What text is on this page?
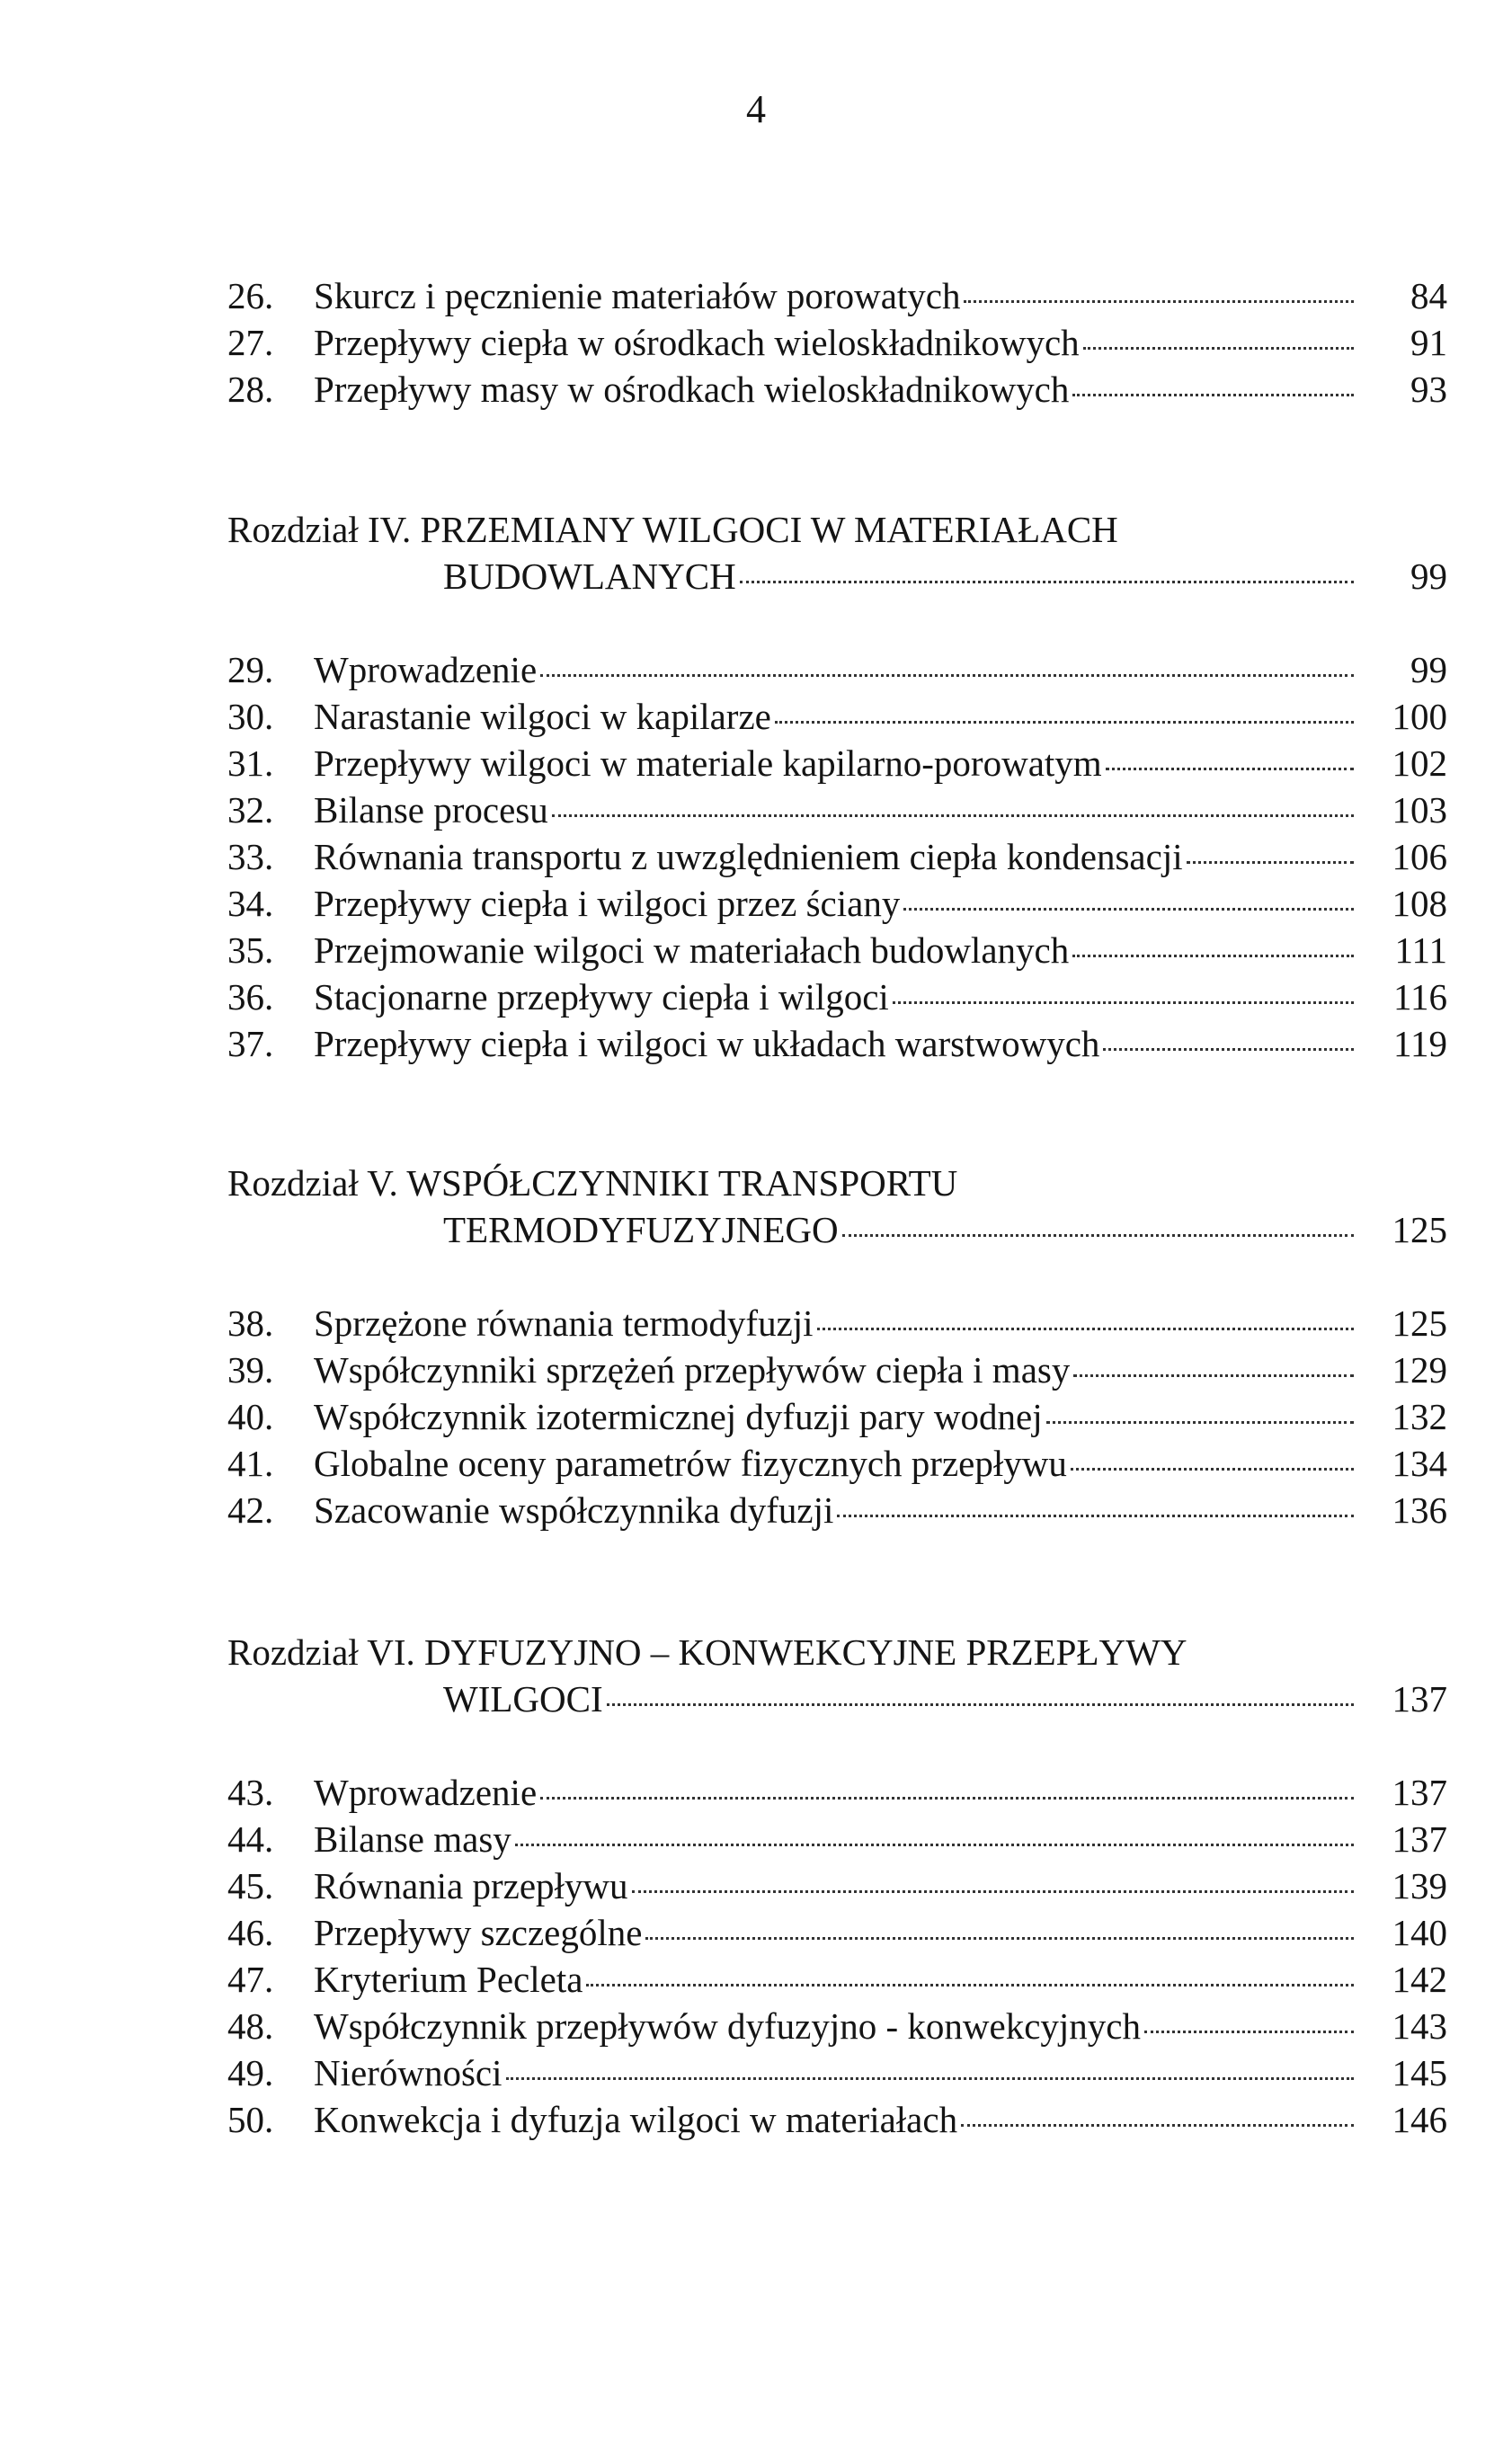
4
26.	Skurcz i pęcznienie materiałów porowatych	84
27.	Przepływy ciepła w ośrodkach wieloskładnikowych	91
28.	Przepływy masy w ośrodkach wieloskładnikowych	93
Rozdział IV. PRZEMIANY WILGOCI W MATERIAŁACH
BUDOWLANYCH	99
29.	Wprowadzenie	99
30.	Narastanie wilgoci w kapilarze	100
31.	Przepływy wilgoci w materiale kapilarno-porowatym	102
32.	Bilanse procesu	103
33.	Równania transportu z uwzględnieniem ciepła kondensacji	106
34.	Przepływy ciepła i wilgoci przez ściany	108
35.	Przejmowanie wilgoci w materiałach budowlanych	111
36.	Stacjonarne przepływy ciepła i wilgoci	116
37.	Przepływy ciepła i wilgoci w układach warstwowych	119
Rozdział V. WSPÓŁCZYNNIKI TRANSPORTU
TERMODYFUZYJNEGO	125
38.	Sprzężone równania termodyfuzji	125
39.	Współczynniki sprzężeń przepływów ciepła i masy	129
40.	Współczynnik izotermicznej dyfuzji pary wodnej	132
41.	Globalne oceny parametrów fizycznych przepływu	134
42.	Szacowanie współczynnika dyfuzji	136
Rozdział VI. DYFUZYJNO – KONWEKCYJNE PRZEPŁYWY
WILGOCI	137
43.	Wprowadzenie	137
44.	Bilanse masy	137
45.	Równania przepływu	139
46.	Przepływy szczególne	140
47.	Kryterium Pecleta	142
48.	Współczynnik przepływów dyfuzyjno - konwekcyjnych	143
49.	Nierówności	145
50.	Konwekcja i dyfuzja wilgoci w materiałach	146
